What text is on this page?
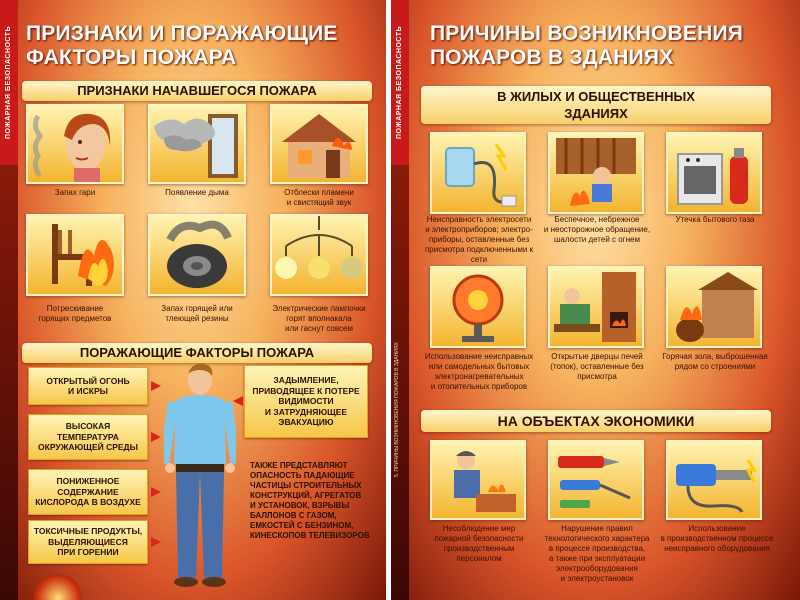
ПОЖАРНАЯ БЕЗОПАСНОСТЬ ПРИЗНАКИ И ПОРАЖАЮЩИЕ
ФАКТОРЫ ПОЖАРА
ПРИЗНАКИ НАЧАВШЕГОСЯ ПОЖАРА
Запах гари	Появление дыма	Отблески пламени
и свистящий звук
Потрескивание
горящих предметов
Запах горящей или
тлеющей резины
Электрические лампочки
горят вполнакала
или гаснут совсем
ПОРАЖАЮЩИЕ ФАКТОРЫ ПОЖАРА
ОТКРЫТЫЙ ОГОНЬ
И ИСКРЫ
ВЫСОКАЯ
ТЕМПЕРАТУРА
ОКРУЖАЮЩЕЙ СРЕДЫ
ПОНИЖЕННОЕ
СОДЕРЖАНИЕ
КИСЛОРОДА В ВОЗДУХЕ
ТОКСИЧНЫЕ ПРОДУКТЫ,
ВЫДЕЛЯЮЩИЕСЯ
ПРИ ГОРЕНИИ
ЗАДЫМЛЕНИЕ,
ПРИВОДЯЩЕЕ К ПОТЕРЕ
ВИДИМОСТИ
И ЗАТРУДНЯЮЩЕЕ
ЭВАКУАЦИЮ
ТАКЖЕ ПРЕДСТАВЛЯЮТ
ОПАСНОСТЬ ПАДАЮЩИЕ
ЧАСТИЦЫ СТРОИТЕЛЬНЫХ
КОНСТРУКЦИЙ, АГРЕГАТОВ
И УСТАНОВОК, ВЗРЫВЫ
БАЛЛОНОВ С ГАЗОМ,
ЕМКОСТЕЙ С БЕНЗИНОМ,
КИНЕСКОПОВ ТЕЛЕВИЗОРОВ
ПОЖАРНАЯ БЕЗОПАСНОСТЬ
5. ПРИЧИНЫ ВОЗНИКНОВЕНИЯ ПОЖАРОВ В ЗДАНИЯХ
ПРИЧИНЫ ВОЗНИКНОВЕНИЯ
ПОЖАРОВ В ЗДАНИЯХ
В ЖИЛЫХ И ОБЩЕСТВЕННЫХ
ЗДАНИЯХ
Неисправность электросети
и электроприборов; электро-
приборы, оставленные без
присмотра подключенными к сети
Беспечное, небрежное
и неосторожное обращение,
шалости детей с огнем
Утечка бытового газа
Использование неисправных
или самодельных бытовых
электронагревательных
и отопительных приборов
Открытые дверцы печей
(топок), оставленные без
присмотра
Горячая зола, выброшенная
рядом со строениями
НА ОБЪЕКТАХ ЭКОНОМИКИ
Несоблюдение мер
пожарной безопасности
производственным
персоналом
Нарушение правил
технологического характера
в процессе производства,
а также при эксплуатации
электрооборудования
и электроустановок
Использование
в производственном процессе
неисправного оборудования
